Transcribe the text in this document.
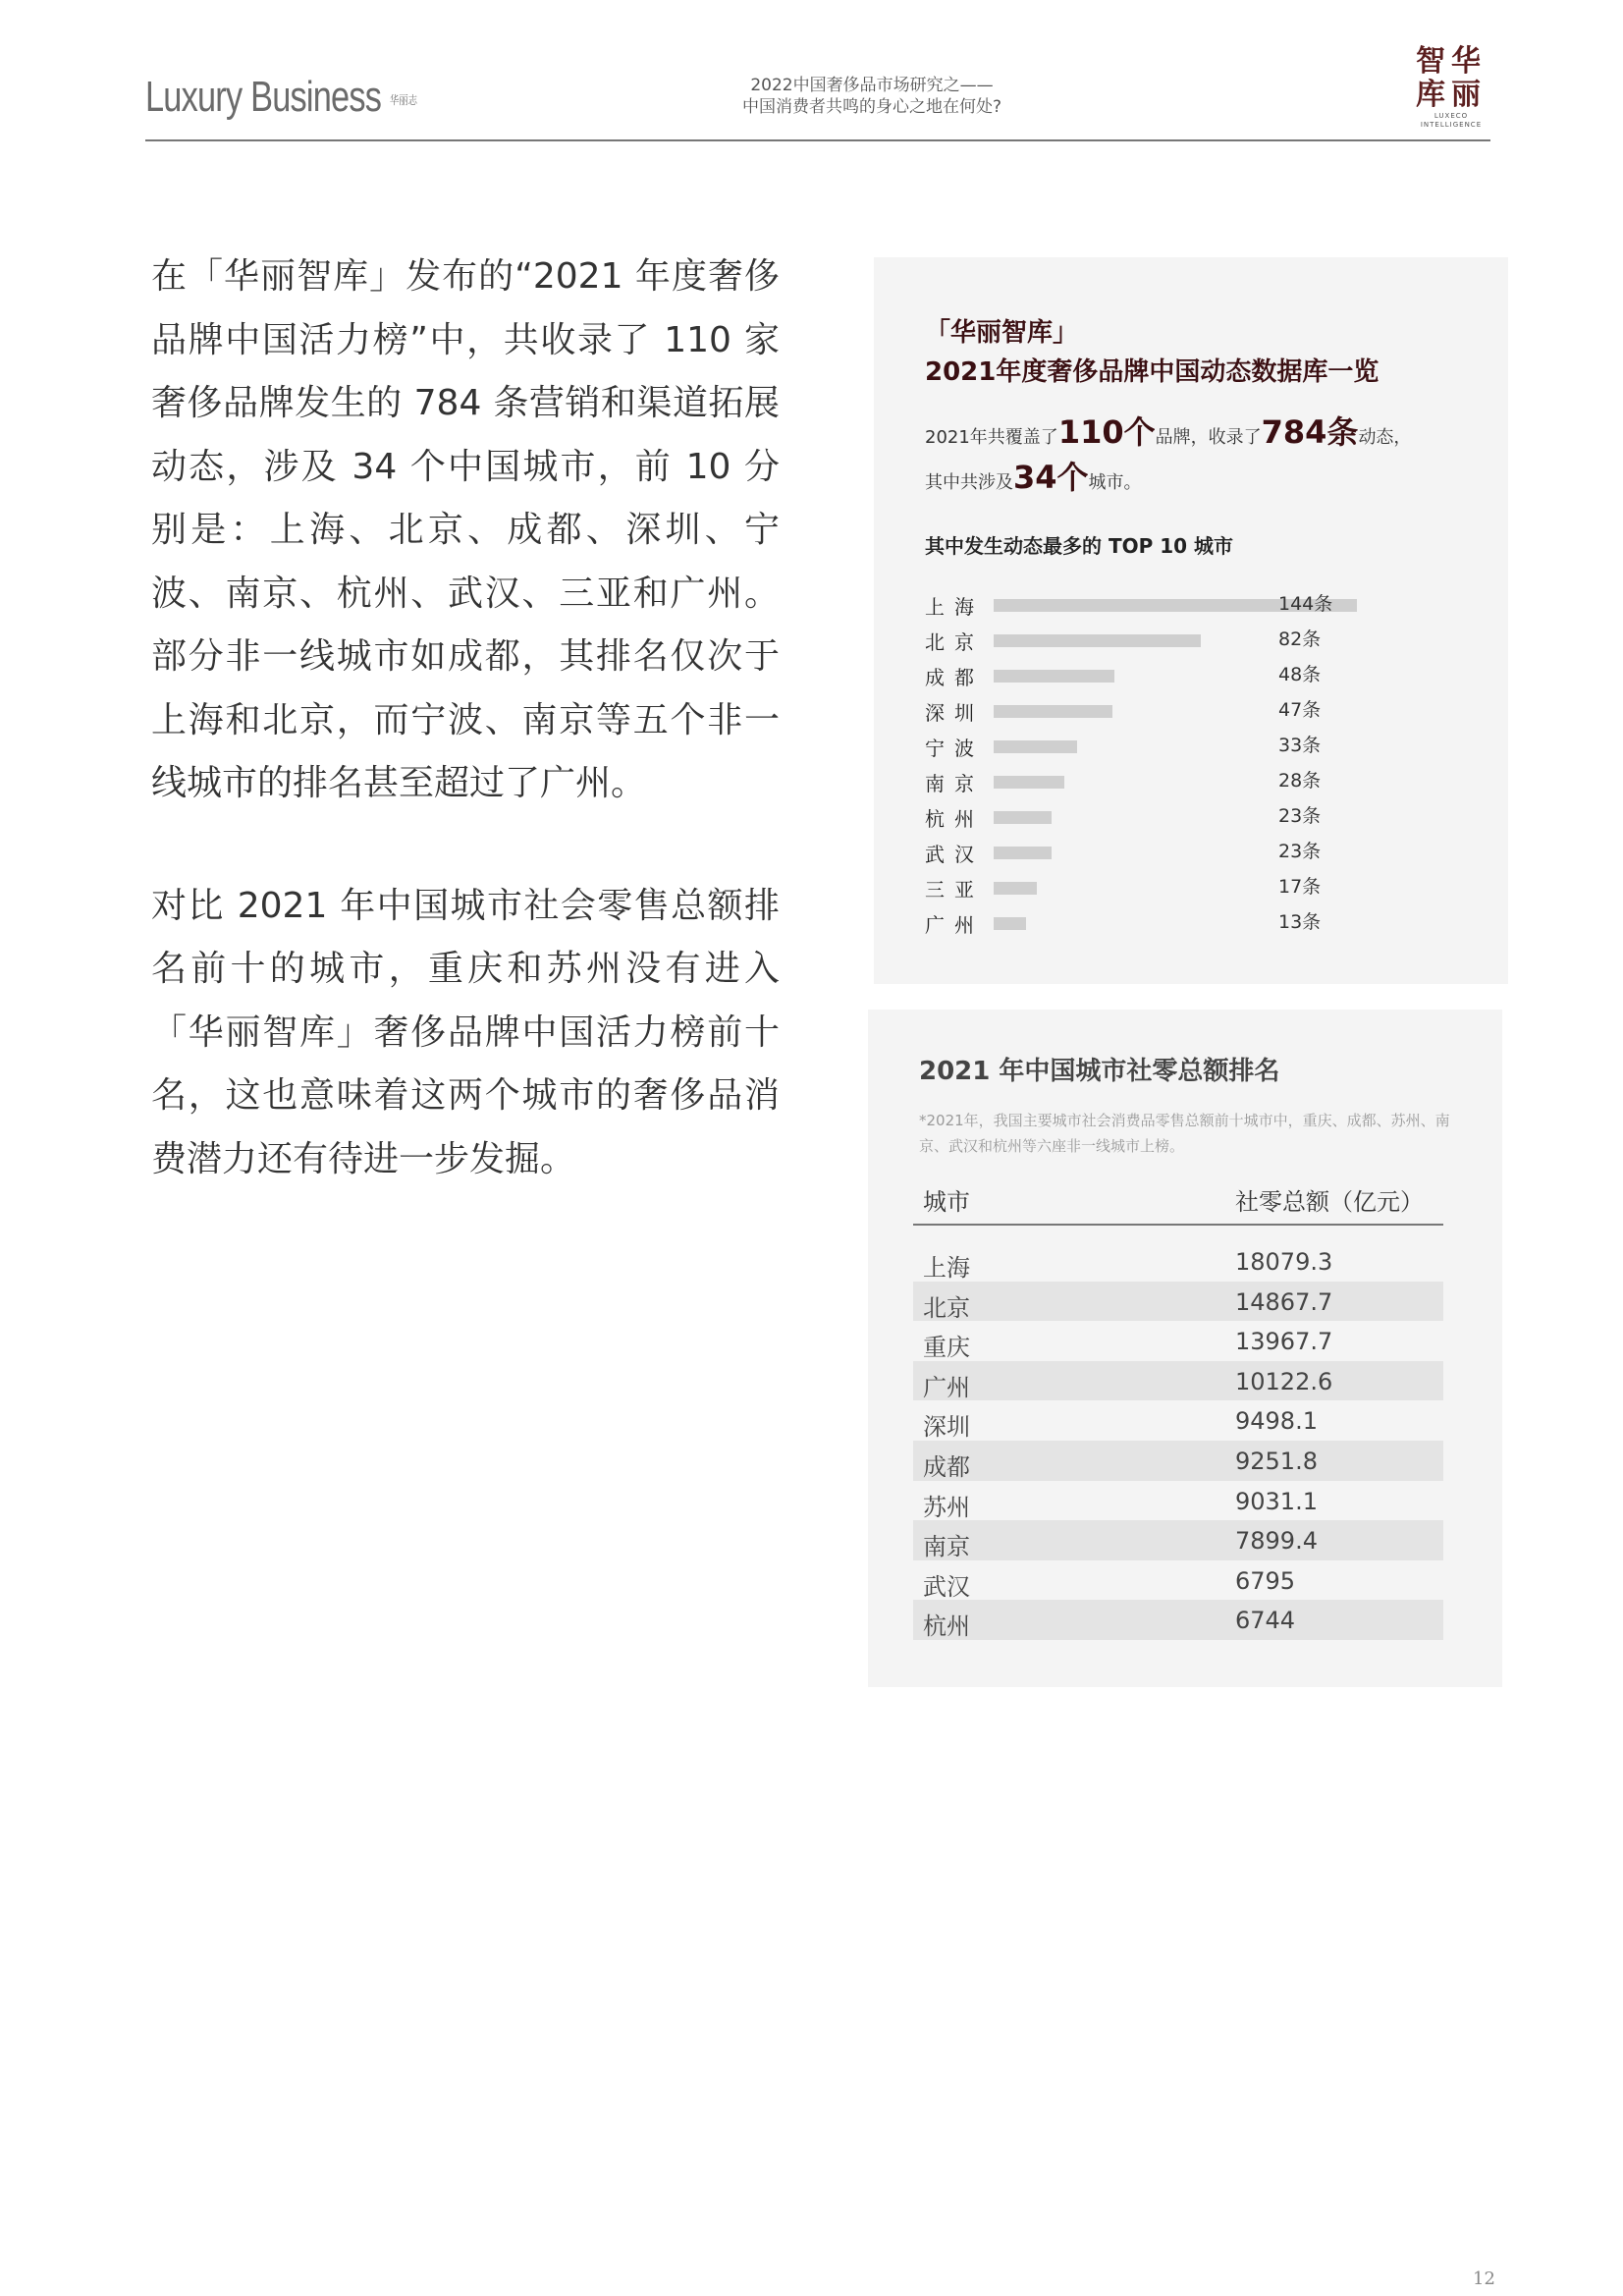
Luxury Business 华丽志
2022中国奢侈品市场研究之——
中国消费者共鸣的身心之地在何处?
智华
库丽
LUXECO
INTELLIGENCE

在「华丽智库」发布的“2021 年度奢侈品牌中国活力榜”中，共收录了 110 家奢侈品牌发生的 784 条营销和渠道拓展动态，涉及 34 个中国城市，前 10 分别是：上海、北京、成都、深圳、宁波、南京、杭州、武汉、三亚和广州。部分非一线城市如成都，其排名仅次于上海和北京，而宁波、南京等五个非一线城市的排名甚至超过了广州。

对比 2021 年中国城市社会零售总额排名前十的城市，重庆和苏州没有进入「华丽智库」奢侈品牌中国活力榜前十名，这也意味着这两个城市的奢侈品消费潜力还有待进一步发掘。

「华丽智库」
2021年度奢侈品牌中国动态数据库一览
2021年共覆盖了110个品牌，收录了784条动态，
其中共涉及34个城市。
其中发生动态最多的 TOP 10 城市
上海	144条
北京	82条
成都	48条
深圳	47条
宁波	33条
南京	28条
杭州	23条
武汉	23条
三亚	17条
广州	13条
2021 年中国城市社零总额排名
*2021年，我国主要城市社会消费品零售总额前十城市中，重庆、成都、苏州、南京、武汉和杭州等六座非一线城市上榜。
城市	社零总额（亿元）
上海	18079.3
北京	14867.7
重庆	13967.7
广州	10122.6
深圳	9498.1
成都	9251.8
苏州	9031.1
南京	7899.4
武汉	6795
杭州	6744
12
